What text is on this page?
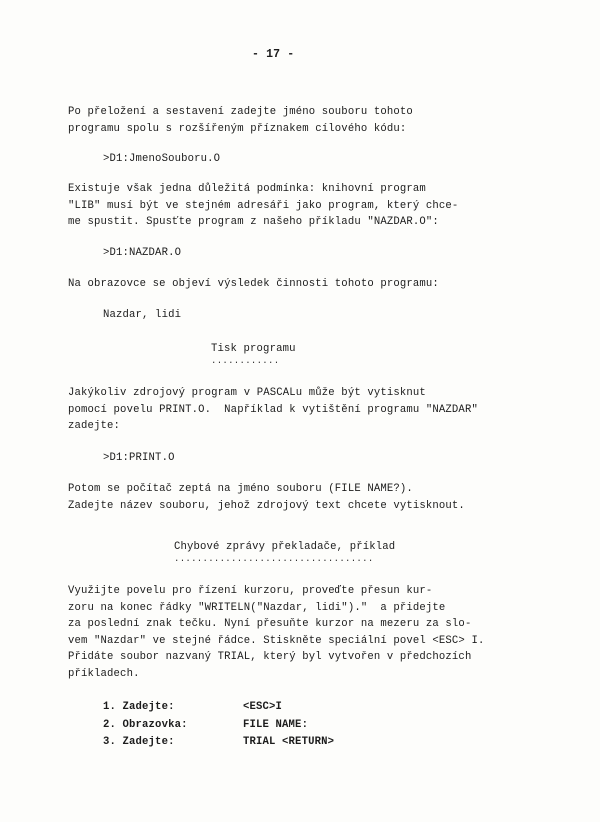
- 17 -
Po přeložení a sestavení zadejte jméno souboru tohoto
programu spolu s rozšířeným příznakem cílového kódu:
>D1:JmenoSouboru.O
Existuje však jedna důležitá podmínka: knihovní program
"LIB" musí být ve stejném adresáři jako program, který chce-
me spustit. Spusťte program z našeho příkladu "NAZDAR.O":
>D1:NAZDAR.O
Na obrazovce se objeví výsledek činnosti tohoto programu:
Nazdar, lidi
Tisk programu
............
Jakýkoliv zdrojový program v PASCALu může být vytisknut
pomocí povelu PRINT.O.  Například k vytištění programu "NAZDAR"
zadejte:
>D1:PRINT.O
Potom se počítač zeptá na jméno souboru (FILE NAME?).
Zadejte název souboru, jehož zdrojový text chcete vytisknout.
Chybové zprávy překladače, příklad
...................................
Využijte povelu pro řízení kurzoru, proveďte přesun kur-
zoru na konec řádky "WRITELN("Nazdar, lidi")."  a přidejte
za poslední znak tečku. Nyní přesuňte kurzor na mezeru za slo-
vem "Nazdar" ve stejné řádce. Stiskněte speciální povel <ESC> I.
Přidáte soubor nazvaný TRIAL, který byl vytvořen v předchozích
příkladech.
1. Zadejte:	<ESC>I
2. Obrazovka:	FILE NAME:
3. Zadejte:	TRIAL <RETURN>
